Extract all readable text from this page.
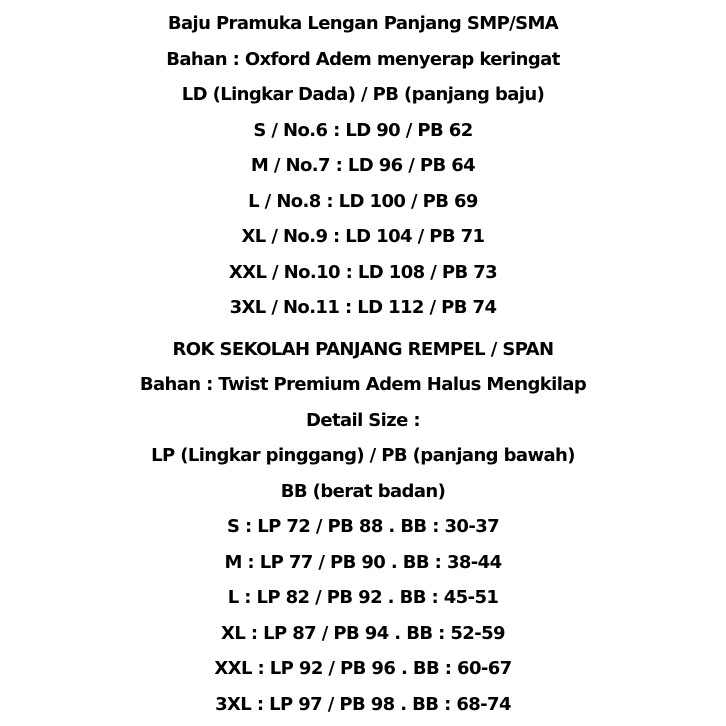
Baju Pramuka Lengan Panjang SMP/SMA
Bahan : Oxford Adem menyerap keringat
LD (Lingkar Dada) / PB (panjang baju)
S / No.6 : LD 90 / PB 62
M / No.7 : LD 96 / PB 64
L / No.8 : LD 100 / PB 69
XL / No.9 : LD 104 / PB 71
XXL / No.10 : LD 108 / PB 73
3XL / No.11 : LD 112 / PB 74
ROK SEKOLAH PANJANG REMPEL / SPAN
Bahan : Twist Premium Adem Halus Mengkilap
Detail Size :
LP (Lingkar pinggang) / PB (panjang bawah)
BB (berat badan)
S : LP 72 / PB 88 . BB : 30-37
M : LP 77 / PB 90 . BB : 38-44
L : LP 82 / PB 92 . BB : 45-51
XL : LP 87 / PB 94 . BB : 52-59
XXL : LP 92 / PB 96 . BB : 60-67
3XL : LP 97 / PB 98 . BB : 68-74
